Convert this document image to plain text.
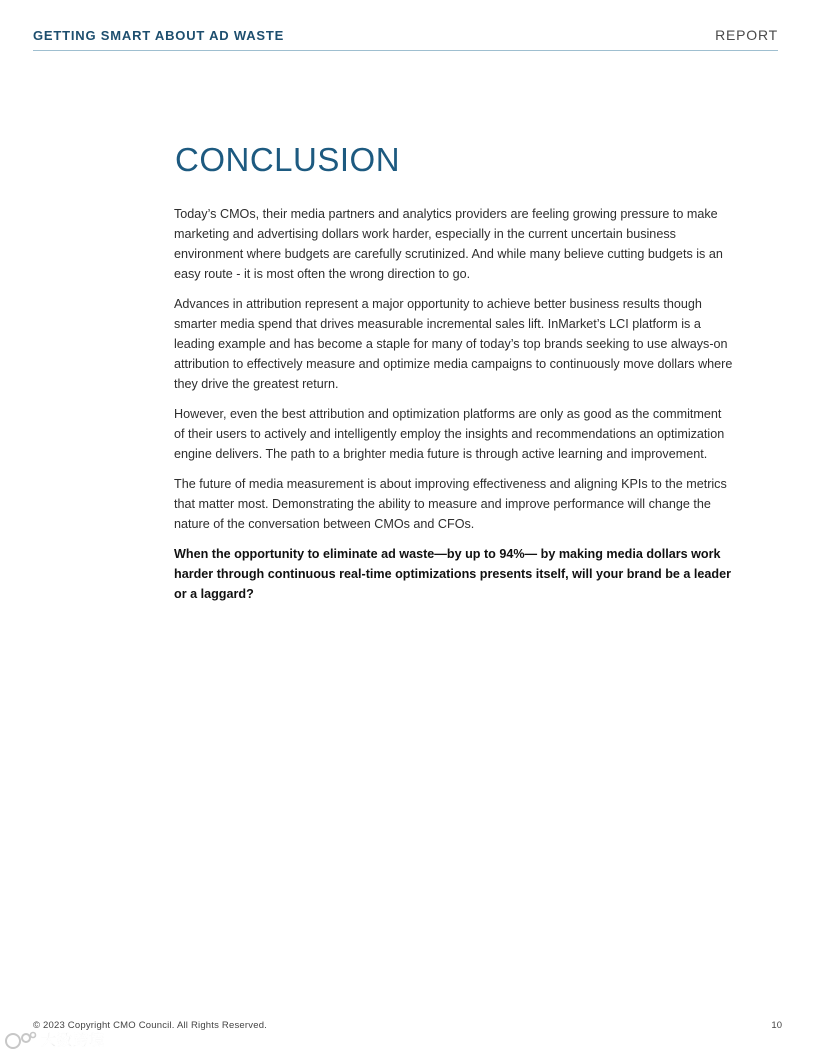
GETTING SMART ABOUT AD WASTE	REPORT
CONCLUSION

Today’s CMOs, their media partners and analytics providers are feeling growing pressure to make marketing and advertising dollars work harder, especially in the current uncertain business environment where budgets are carefully scrutinized. And while many believe cutting budgets is an easy route - it is most often the wrong direction to go.

Advances in attribution represent a major opportunity to achieve better business results though smarter media spend that drives measurable incremental sales lift. InMarket’s LCI platform is a leading example and has become a staple for many of today’s top brands seeking to use always-on attribution to effectively measure and optimize media campaigns to continuously move dollars where they drive the greatest return.

However, even the best attribution and optimization platforms are only as good as the commitment of their users to actively and intelligently employ the insights and recommendations an optimization engine delivers. The path to a brighter media future is through active learning and improvement.

The future of media measurement is about improving effectiveness and aligning KPIs to the metrics that matter most. Demonstrating the ability to measure and improve performance will change the nature of the conversation between CMOs and CFOs.

When the opportunity to eliminate ad waste—by up to 94%— by making media dollars work harder through continuous real-time optimizations presents itself, will your brand be a leader or a laggard?

© 2023 Copyright CMO Council. All Rights Reserved.	10
大数跨境
